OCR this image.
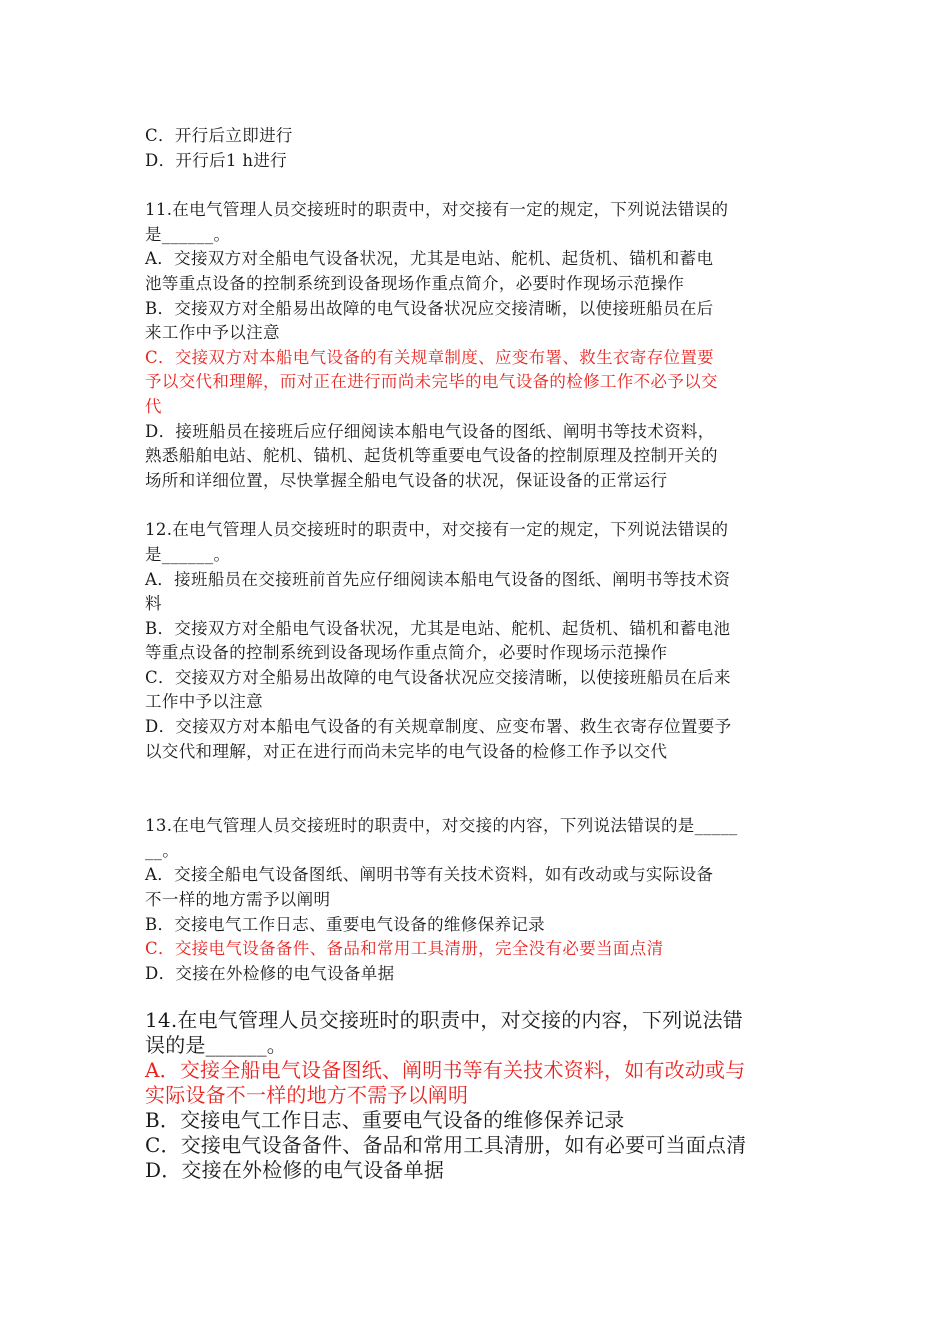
C．开行后立即进行
D．开行后1 h进行
11.在电气管理人员交接班时的职责中，对交接有一定的规定，下列说法错误的
是______。
A．交接双方对全船电气设备状况，尤其是电站、舵机、起货机、锚机和蓄电
池等重点设备的控制系统到设备现场作重点简介，必要时作现场示范操作
B．交接双方对全船易出故障的电气设备状况应交接清晰，以使接班船员在后
来工作中予以注意
C．交接双方对本船电气设备的有关规章制度、应变布署、救生衣寄存位置要
予以交代和理解，而对正在进行而尚未完毕的电气设备的检修工作不必予以交
代
D．接班船员在接班后应仔细阅读本船电气设备的图纸、阐明书等技术资料，
熟悉船舶电站、舵机、锚机、起货机等重要电气设备的控制原理及控制开关的
场所和详细位置，尽快掌握全船电气设备的状况，保证设备的正常运行
12.在电气管理人员交接班时的职责中，对交接有一定的规定，下列说法错误的
是______。
A．接班船员在交接班前首先应仔细阅读本船电气设备的图纸、阐明书等技术资
料
B．交接双方对全船电气设备状况，尤其是电站、舵机、起货机、锚机和蓄电池
等重点设备的控制系统到设备现场作重点简介，必要时作现场示范操作
C．交接双方对全船易出故障的电气设备状况应交接清晰，以使接班船员在后来
工作中予以注意
D．交接双方对本船电气设备的有关规章制度、应变布署、救生衣寄存位置要予
以交代和理解，对正在进行而尚未完毕的电气设备的检修工作予以交代
13.在电气管理人员交接班时的职责中，对交接的内容，下列说法错误的是_____
__。
A．交接全船电气设备图纸、阐明书等有关技术资料，如有改动或与实际设备
不一样的地方需予以阐明
B．交接电气工作日志、重要电气设备的维修保养记录
C．交接电气设备备件、备品和常用工具清册，完全没有必要当面点清
D．交接在外检修的电气设备单据
14.在电气管理人员交接班时的职责中，对交接的内容，下列说法错
误的是______。
A．交接全船电气设备图纸、阐明书等有关技术资料，如有改动或与
实际设备不一样的地方不需予以阐明
B．交接电气工作日志、重要电气设备的维修保养记录
C．交接电气设备备件、备品和常用工具清册，如有必要可当面点清
D．交接在外检修的电气设备单据
